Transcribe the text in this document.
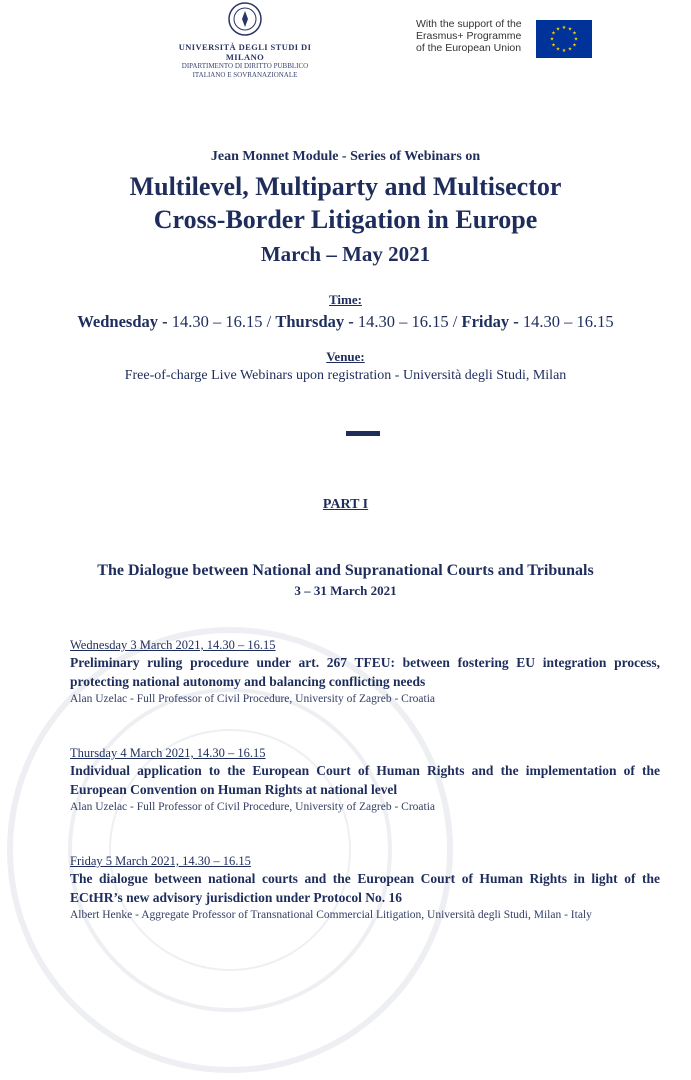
UNIVERSITÀ DEGLI STUDI DI MILANO
DIPARTIMENTO DI DIRITTO PUBBLICO
ITALIANO E SOVRANAZIONALE
With the support of the
Erasmus+ Programme
of the European Union
★ ★
★
★
★
★
★
★
★
★
★
★
Jean Monnet Module - Series of Webinars on
Multilevel, Multiparty and Multisector
Cross-Border Litigation in Europe
March – May 2021
Time:
Wednesday - 14.30 – 16.15 / Thursday - 14.30 – 16.15 / Friday - 14.30 – 16.15
Venue:
Free-of-charge Live Webinars upon registration - Università degli Studi, Milan
PART I
The Dialogue between National and Supranational Courts and Tribunals
3 – 31 March 2021
Wednesday 3 March 2021, 14.30 – 16.15
Preliminary ruling procedure under art. 267 TFEU: between fostering EU integration process, protecting national autonomy and balancing conflicting needs
Alan Uzelac - Full Professor of Civil Procedure, University of Zagreb - Croatia
Thursday 4 March 2021, 14.30 – 16.15
Individual application to the European Court of Human Rights and the implementation of the European Convention on Human Rights at national level
Alan Uzelac - Full Professor of Civil Procedure, University of Zagreb - Croatia
Friday 5 March 2021, 14.30 – 16.15
The dialogue between national courts and the European Court of Human Rights in light of the ECtHR’s new advisory jurisdiction under Protocol No. 16
Albert Henke - Aggregate Professor of Transnational Commercial Litigation, Università degli Studi, Milan - Italy
